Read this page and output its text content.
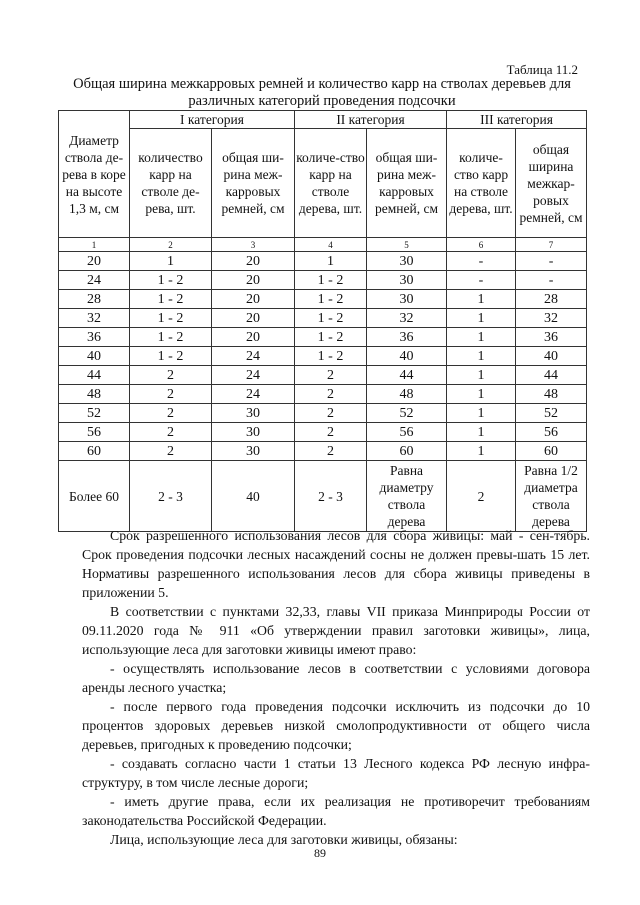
Таблица 11.2
Общая ширина межкарровых ремней и количество карр на стволах деревьев для различных категорий проведения подсочки
Диаметр ствола де-рева в коре на высоте 1,3 м, см	I категория		II категория		III категория	
	количество карр на стволе де-рева, шт.	общая ши-рина меж-карровых ремней, см	количе-ство карр на стволе дерева, шт.	общая ши-рина меж-карровых ремней, см	количе-ство карр на стволе дерева, шт.	общая ширина межкар-ровых ремней, см
1	2	3	4	5	6	7
20	1	20	1	30	-	-
24	1 - 2	20	1 - 2	30	-	-
28	1 - 2	20	1 - 2	30	1	28
32	1 - 2	20	1 - 2	32	1	32
36	1 - 2	20	1 - 2	36	1	36
40	1 - 2	24	1 - 2	40	1	40
44	2	24	2	44	1	44
48	2	24	2	48	1	48
52	2	30	2	52	1	52
56	2	30	2	56	1	56
60	2	30	2	60	1	60
Более 60	2 - 3	40	2 - 3	Равна диаметру ствола дерева	2	Равна 1/2 диаметра ствола дерева

Срок разрешенного использования лесов для сбора живицы: май - сен-тябрь. Срок проведения подсочки лесных насаждений сосны не должен превы-шать 15 лет. Нормативы разрешенного использования лесов для сбора живицы приведены в приложении 5.

В соответствии с пунктами 32,33, главы VII приказа Минприроды России от 09.11.2020 года № 911 «Об утверждении правил заготовки живицы», лица, использующие леса для заготовки живицы имеют право:

- осуществлять использование лесов в соответствии с условиями договора аренды лесного участка;

- после первого года проведения подсочки исключить из подсочки до 10 процентов здоровых деревьев низкой смолопродуктивности от общего числа деревьев, пригодных к проведению подсочки;

- создавать согласно части 1 статьи 13 Лесного кодекса РФ лесную инфра-структуру, в том числе лесные дороги;

- иметь другие права, если их реализация не противоречит требованиям законодательства Российской Федерации.

Лица, использующие леса для заготовки живицы, обязаны:

89
